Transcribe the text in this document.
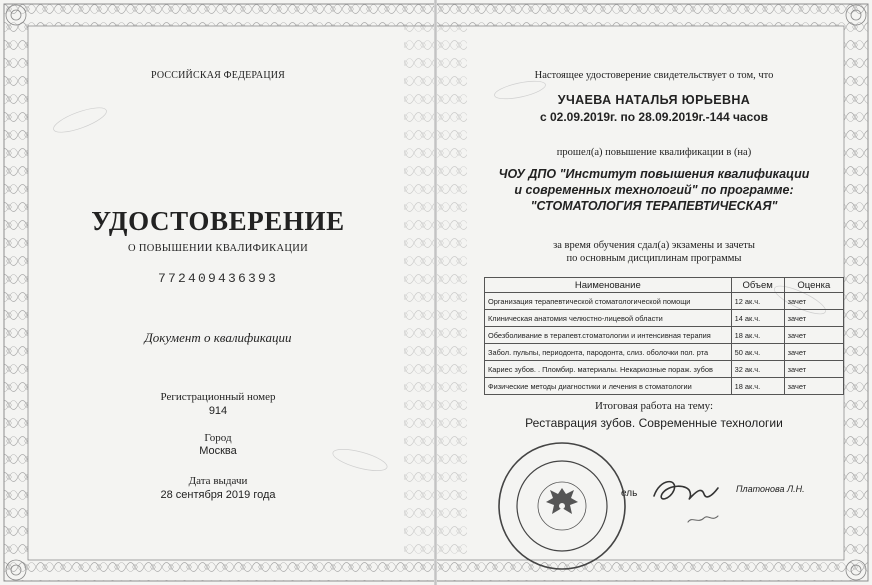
РОССИЙСКАЯ ФЕДЕРАЦИЯ
УДОСТОВЕРЕНИЕ
О ПОВЫШЕНИИ КВАЛИФИКАЦИИ
772409436393
Документ о квалификации
Регистрационный номер
914
Город
Москва
Дата выдачи
28 сентября 2019 года
Настоящее удостоверение свидетельствует о том, что
УЧАЕВА НАТАЛЬЯ ЮРЬЕВНА
с 02.09.2019г. по 28.09.2019г.-144 часов
прошел(а) повышение квалификации в (на)
ЧОУ ДПО "Институт повышения квалификации
и современных технологий" по программе:
"СТОМАТОЛОГИЯ ТЕРАПЕВТИЧЕСКАЯ"
за время обучения сдал(а) экзамены и зачеты
по основным дисциплинам программы
Наименование	Объем	Оценка
Организация терапевтической стоматологической помощи	12 ак.ч.	зачет
Клиническая анатомия челюстно-лицевой области	14 ак.ч.	зачет
Обезболивание в терапевт.стоматологии и интенсивная терапия	18 ак.ч.	зачет
Забол. пульпы, периодонта, пародонта, слиз. оболочки пол. рта	50 ак.ч.	зачет
Кариес зубов. . Пломбир. материалы. Некариозные пораж. зубов	32 ак.ч.	зачет
Физические методы диагностики и лечения в стоматологии	18 ак.ч.	зачет
Итоговая работа на тему:
Реставрация зубов. Современные технологии
ель	Платонова Л.Н.
